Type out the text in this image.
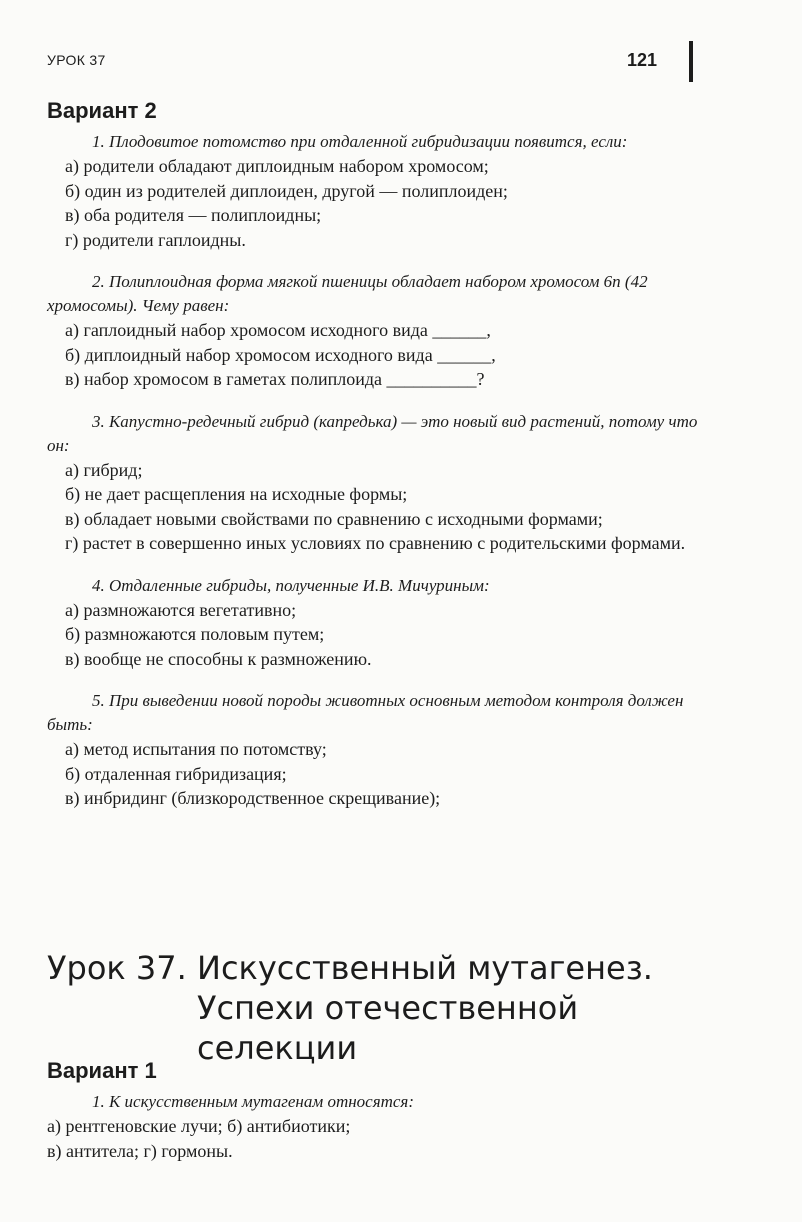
УРОК 37	121
Вариант 2

1. Плодовитое потомство при отдаленной гибридизации появится, если:

а) родители обладают диплоидным набором хромосом;

б) один из родителей диплоиден, другой — полиплоиден;

в) оба родителя — полиплоидны;

г) родители гаплоидны.

2. Полиплоидная форма мягкой пшеницы обладает набором хромосом 6n (42 хромосомы). Чему равен:

а) гаплоидный набор хромосом исходного вида ______,

б) диплоидный набор хромосом исходного вида ______,

в) набор хромосом в гаметах полиплоида __________?

3. Капустно-редечный гибрид (капредька) — это новый вид растений, потому что он:

а) гибрид;

б) не дает расщепления на исходные формы;

в) обладает новыми свойствами по сравнению с исходными формами;

г) растет в совершенно иных условиях по сравнению с родительскими формами.

4. Отдаленные гибриды, полученные И.В. Мичуриным:

а) размножаются вегетативно;

б) размножаются половым путем;

в) вообще не способны к размножению.

5. При выведении новой породы животных основным методом контроля должен быть:

а) метод испытания по потомству;

б) отдаленная гибридизация;

в) инбридинг (близкородственное скрещивание);

Урок 37. Искусственный мутагенез.
Успехи отечественной селекции
Вариант 1

1. К искусственным мутагенам относятся:

а) рентгеновские лучи; б) антибиотики;

в) антитела; г) гормоны.
